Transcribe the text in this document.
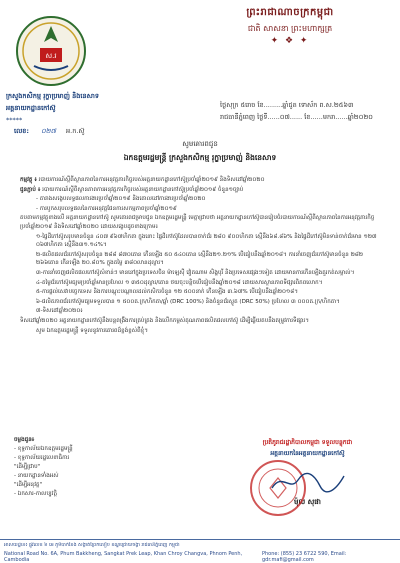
ព្រះរាជាណាចក្រកម្ពុជា
ជាតិ សាសនា ព្រះមហាក្សត្រ
✦ ❖ ✦
ស.រ
ក្រសួងកសិកម្ម រុក្ខាប្រមាញ់ និងនេសាទ
អគ្គនាយកដ្ឋានកៅស៊ូ
*****
ថ្ងៃសុក្រ ៥រោច ខែ.........ឆ្នាំជូត ទោស័ក ព.ស.២៥៦៣
រាជធានីភ្នំពេញ ថ្ងៃទី......០៧...... ខែ......មករា......ឆ្នាំ២០២០
លេខ: ០២៧ អ.ក.ស៊ូ
សូមគោរពជូន
ឯកឧត្តមរដ្ឋមន្ត្រី ក្រសួងកសិកម្ម រុក្ខាប្រមាញ់ និងនេសាទ

កម្មវត្ថុ ៖ របាយការណ៍ស្តីពីស្ថានភាពនៃការអនុវត្តភារកិច្ចរបស់អគ្គនាយកដ្ឋានកៅស៊ូប្រចាំឆ្នាំ២០១៩ និងទិសដៅឆ្នាំ២០២០

ជូនភ្ជាប់ ៖ របាយការណ៍ស្តីពីស្ថានភាពការអនុវត្តភារកិច្ចរបស់អគ្គនាយកដ្ឋានកៅស៊ូប្រចាំឆ្នាំ២០១៩ ចំនួន១ច្បាប់

- តារាងសង្ខេបលទ្ធផលការងារប្រចាំឆ្នាំ២០១៩ និងគោលដៅការងារប្រចាំឆ្នាំ២០២០

- ការបូកសរុបលទ្ធផលនៃការអនុវត្តផែនការសកម្មភាពប្រចាំឆ្នាំ២០១៩

តបតាមកម្មវត្ថុខាងលើ អគ្គនាយកដ្ឋានកៅស៊ូ សូមគោរពជម្រាបជូន ឯកឧត្តមរដ្ឋមន្ត្រី មេត្តាជ្រាបថា អគ្គនាយកដ្ឋានកៅស៊ូបានរៀបចំរបាយការណ៍ស្តីពីស្ថានភាពនៃការអនុវត្តភារកិច្ចប្រចាំឆ្នាំ២០១៩ និងទិសដៅឆ្នាំ២០២០ ដោយសង្ខេបដូចខាងក្រោម៖

១-ផ្ទៃដីកៅស៊ូសរុបមានចំនួន ៤០៧ ៩៦៧ហិកតា ក្នុងនោះ ផ្ទៃដីកៅស៊ូដែលបានចាក់ជ័រ ២៨០ ៩០០ហិកតា ស្មើនឹង៦៨.៨៦% និងផ្ទៃដីកៅស៊ូមិនទាន់ចាក់ជ័រមាន ១២៧ ០៦៧ហិកតា ស្មើនឹង៣១.១៤%។

២-ផលិតផលជ័រកៅស៊ូសរុបចំនួន ២៨៨ ៨៧០តោន កើនឡើង ៥០ ៥៤០តោន ស្មើនឹង២១.២១% បើធៀបនឹងឆ្នាំ២០១៨។ ការនាំចេញជ័រកៅស៊ូមានចំនួន ២៨២ ២៦៦តោន កើនឡើង ២០.៨០% ក្នុងតម្លៃ ៣៨០លានដុល្លារ។

៣-ការនាំចេញផលិតផលកៅស៊ូសំខាន់ៗ មាននៅក្នុងប្រទេសចិន ម៉ាឡេស៊ី វៀតណាម សិង្ហបុរី និងប្រទេសផ្សេងៗទៀត ដោយមានការកើនឡើងគួរកត់សម្គាល់។

៤-តម្លៃជ័រកៅស៊ូមធ្យមប្រចាំឆ្នាំមានប្រហែល ១ ៣៥០ដុល្លារ/តោន ថយចុះបន្តិចបើធៀបនឹងឆ្នាំ២០១៨ ដោយសារស្ថានភាពទីផ្សារពិភពលោក។

៥-ការផ្តល់សេវាបច្ចេកទេស និងការបណ្តុះបណ្តាលដល់កសិករចំនួន ១២ ៥០០នាក់ កើនឡើង ៣.៦៧% បើធៀបនឹងឆ្នាំ២០១៨។

៦-ផលិតភាពជ័រកៅស៊ូមធ្យមទទួលបាន ១ ៥០០គ.ក្រ/ហិកតា/ឆ្នាំ (DRC 100%) និងចំនួនជ័រស្ងួត (DRC 50%) ប្រហែល ៣ ០០០គ.ក្រ/ហិកតា។

៧-ទិសដៅឆ្នាំ២០២០៖

ទិសដៅឆ្នាំ២០២០ អគ្គនាយកដ្ឋានកៅស៊ូនឹងបន្តពង្រឹងការគ្រប់គ្រង និងលើកកម្ពស់គុណភាពផលិតផលកៅស៊ូ ដើម្បីឆ្លើយតបនឹងតម្រូវការទីផ្សារ។

សូម ឯកឧត្តមរដ្ឋមន្ត្រី ទទួលនូវការគោរពដ៏ខ្ពង់ខ្ពស់ពីខ្ញុំ។

ចម្លងជូន៖
- ខុទ្ទកាល័យឯកឧត្តមរដ្ឋមន្ត្រី
- ខុទ្ទកាល័យរដ្ឋលេខាធិការ
"ដើម្បីជ្រាប"
- នាយកដ្ឋានទាំងអស់
"ដើម្បីអនុវត្ត"
- ឯកសារ-កាលប្បវត្តិ
ប្រតិភូរាជរដ្ឋាភិបាលកម្ពុជា ទទួលបន្ទុកជា
អគ្គនាយកនៃអគ្គនាយកដ្ឋានកៅស៊ូ
ម៉ុល សុផា
អាសយដ្ឋាន៖ ផ្លូវលេខ ៦ អេ ភូមិបាក់ខែង សង្កាត់ព្រែកលៀប ខណ្ឌជ្រោយចង្វា រាជធានីភ្នំពេញ កម្ពុជា
National Road No. 6A, Phum Bakkheng, Sangkat Prek Leap, Khan Chroy Changva, Phnom Penh, Cambodia
Phone: (855) 23 6722 590, Email: gdr.mafi@gmail.com
